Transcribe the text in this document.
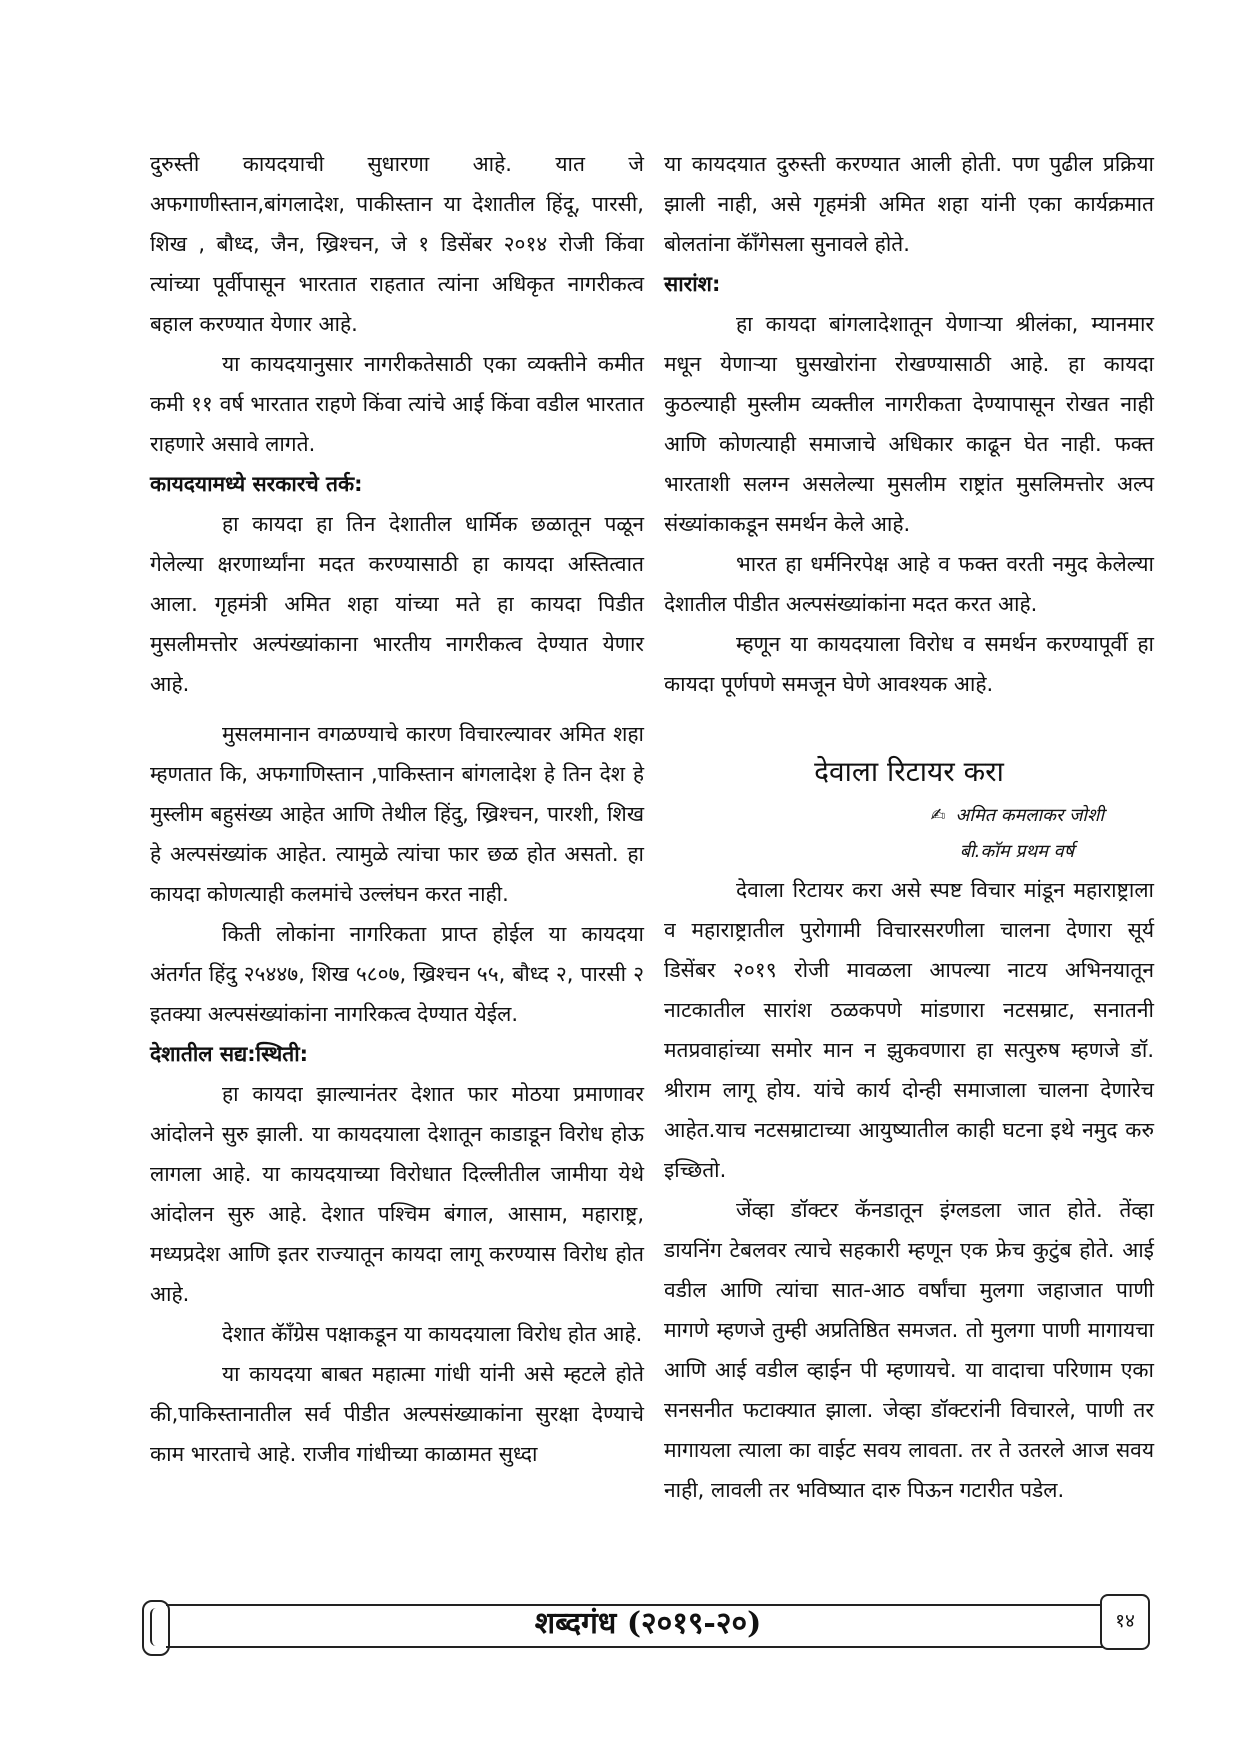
दुरुस्ती कायदयाची सुधारणा आहे. यात जे अफगाणीस्तान,बांगलादेश, पाकीस्तान या देशातील हिंदू, पारसी, शिख , बौध्द, जैन, ख्रिश्चन, जे १ डिसेंबर २०१४ रोजी किंवा त्यांच्या पूर्वीपासून भारतात राहतात त्यांना अधिकृत नागरीकत्व बहाल करण्यात येणार आहे.

या कायदयानुसार नागरीकतेसाठी एका व्यक्तीने कमीत कमी ११ वर्ष भारतात राहणे किंवा त्यांचे आई किंवा वडील भारतात राहणारे असावे लागते.

कायदयामध्ये सरकारचे तर्क:

हा कायदा हा तिन देशातील धार्मिक छळातून पळून गेलेल्या क्षरणार्थ्यांना मदत करण्यासाठी हा कायदा अस्तित्वात आला. गृहमंत्री अमित शहा यांच्या मते हा कायदा पिडीत मुसलीमत्तोर अल्पंख्यांकाना भारतीय नागरीकत्व देण्यात येणार आहे.

मुसलमानान वगळण्याचे कारण विचारल्यावर अमित शहा म्हणतात कि, अफगाणिस्तान ,पाकिस्तान बांगलादेश हे तिन देश हे मुस्लीम बहुसंख्य आहेत आणि तेथील हिंदु, ख्रिश्चन, पारशी, शिख हे अल्पसंख्यांक आहेत. त्यामुळे त्यांचा फार छळ होत असतो. हा कायदा कोणत्याही कलमांचे उल्लंघन करत नाही.

किती लोकांना नागरिकता प्राप्त होईल या कायदया अंतर्गत हिंदु २५४४७, शिख ५८०७, ख्रिश्चन ५५, बौध्द २, पारसी २ इतक्या अल्पसंख्यांकांना नागरिकत्व देण्यात येईल.

देशातील सद्य:स्थिती:

हा कायदा झाल्यानंतर देशात फार मोठया प्रमाणावर आंदोलने सुरु झाली. या कायदयाला देशातून काडाडून विरोध होऊ लागला आहे. या कायदयाच्या विरोधात दिल्लीतील जामीया येथे आंदोलन सुरु आहे. देशात पश्चिम बंगाल, आसाम, महाराष्ट्र, मध्यप्रदेश आणि इतर राज्यातून कायदा लागू करण्यास विरोध होत आहे.

देशात कॅाँग्रेस पक्षाकडून या कायदयाला विरोध होत आहे.

या कायदया बाबत महात्मा गांधी यांनी असे म्हटले होते की,पाकिस्तानातील सर्व पीडीत अल्पसंख्याकांना सुरक्षा देण्याचे काम भारताचे आहे. राजीव गांधीच्या काळामत सुध्दा

या कायदयात दुरुस्ती करण्यात आली होती. पण पुढील प्रक्रिया झाली नाही, असे गृहमंत्री अमित शहा यांनी एका कार्यक्रमात बोलतांना कॅाँगेसला सुनावले होते.

सारांश:

हा कायदा बांगलादेशातून येणाऱ्या श्रीलंका, म्यानमार मधून येणाऱ्या घुसखोरांना रोखण्यासाठी आहे. हा कायदा कुठल्याही मुस्लीम व्यक्तील नागरीकता देण्यापासून रोखत नाही आणि कोणत्याही समाजाचे अधिकार काढून घेत नाही. फक्त भारताशी सलग्न असलेल्या मुसलीम राष्ट्रांत मुसलिमत्तोर अल्प संख्यांकाकडून समर्थन केले आहे.

भारत हा धर्मनिरपेक्ष आहे व फक्त वरती नमुद केलेल्या देशातील पीडीत अल्पसंख्यांकांना मदत करत आहे.

म्हणून या कायदयाला विरोध व समर्थन करण्यापूर्वी हा कायदा पूर्णपणे समजून घेणे आवश्यक आहे.

देवाला रिटायर करा
✍ अमित कमलाकर जोशी
बी.कॉम प्रथम वर्ष

देवाला रिटायर करा असे स्पष्ट विचार मांडून महाराष्ट्राला व महाराष्ट्रातील पुरोगामी विचारसरणीला चालना देणारा सूर्य डिसेंबर २०१९ रोजी मावळला आपल्या नाटय अभिनयातून नाटकातील सारांश ठळकपणे मांडणारा नटसम्राट, सनातनी मतप्रवाहांच्या समोर मान न झुकवणारा हा सत्पुरुष म्हणजे डॉ. श्रीराम लागू होय. यांचे कार्य दोन्ही समाजाला चालना देणारेच आहेत.याच नटसम्राटाच्या आयुष्यातील काही घटना इथे नमुद करु इच्छितो.

जेंव्हा डॉक्टर कॅनडातून इंग्लडला जात होते. तेंव्हा डायनिंग टेबलवर त्याचे सहकारी म्हणून एक फ्रेच कुटुंब होते. आई वडील आणि त्यांचा सात-आठ वर्षांचा मुलगा जहाजात पाणी मागणे म्हणजे तुम्ही अप्रतिष्ठित समजत. तो मुलगा पाणी मागायचा आणि आई वडील व्हाईन पी म्हणायचे. या वादाचा परिणाम एका सनसनीत फटाक्यात झाला. जेव्हा डॉक्टरांनी विचारले, पाणी तर मागायला त्याला का वाईट सवय लावता. तर ते उतरले आज सवय नाही, लावली तर भविष्यात दारु पिऊन गटारीत पडेल.

शब्दगंध (२०१९-२०)	१४
